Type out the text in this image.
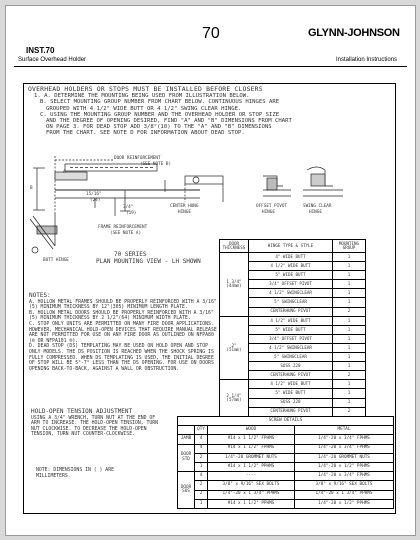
INST.70
Surface Overhead Holder
70	GLYNN-JOHNSON
Installation Instructions
OVERHEAD HOLDERS OR STOPS MUST BE INSTALLED BEFORE CLOSERS

1. A. DETERMINE THE MOUNTING BEING USED FROM ILLUSTRATION BELOW.

B. SELECT MOUNTING GROUP NUMBER FROM CHART BELOW. CONTINUOUS HINGES ARE

GROUPED WITH 4 1/2" WIDE BUTT OR 4 1/2" SWING CLEAR HINGE.

C. USING THE MOUNTING GROUP NUMBER AND THE OVERHEAD HOLDER OR STOP SIZE

AND THE DEGREE OF OPENING DESIRED, FIND "A" AND "B" DIMENSIONS FROM CHART

ON PAGE 3. FOR DEAD STOP ADD 3/8"(10) TO THE "A" AND "B" DIMENSIONS

FROM THE CHART. SEE NOTE D FOR INFORMATION ABOUT DEAD STOP.

DOOR REINFORCEMENT
(SEE NOTE B)
A
B
15/16"
(24)
3/4"
(19)
CENTER HUNG
HINGE
OFFSET PIVOT
HINGE
SWING CLEAR
HINGE
FRAME REINFORCEMENT
(SEE NOTE A)
BUTT HINGE
70 SERIES
PLAN MOUNTING VIEW - LH SHOWN
DOOR THICKNESS	HINGE TYPE & STYLE	MOUNTING GROUP
1 3/4"
(44mm)	4" WIDE BUTT	1
	4 1/2" WIDE BUTT	1
	5" WIDE BUTT	1
	3/4" OFFSET PIVOT	1
	4 1/2" SWINGCLEAR	1
	5" SWINGCLEAR	1
	CENTERHUNG PIVOT	2
2"
(51mm)	4 1/2" WIDE BUTT	1
	5" WIDE BUTT	1
	3/4" OFFSET PIVOT	1
	4 1/2" SWINGCLEAR	1
	5" SWINGCLEAR	1
	SOSS 220	1
	CENTERHUNG PIVOT	2
2 1/4"
(57mm)	4 1/2" WIDE BUTT	1
	5" WIDE BUTT	1
	SOSS 220	1
	CENTERHUNG PIVOT	2
NOTES:

A. HOLLOW METAL FRAMES SHOULD BE PROPERLY REINFORCED WITH A 3/16"(5) MINIMUM THICKNESS BY 12"(305) MINIMUM LENGTH PLATE.

B. HOLLOW METAL DOORS SHOULD BE PROPERLY REINFORCED WITH A 3/16"(5) MINIMUM THICKNESS BY 2 1/2"(64) MINIMUM WIDTH PLATE.

C. STOP ONLY UNITS ARE PERMITTED ON MANY FIRE DOOR APPLICATIONS. HOWEVER, MECHANICAL HOLD-OPEN DEVICES THAT REQUIRE MANUAL RELEASE ARE NOT PERMITTED FOR USE ON ANY FIRE DOOR AS OUTLINED ON NFPA80 (® OR NFPA101 ®).

D. DEAD STOP (DS) TEMPLATING MAY BE USED ON HOLD OPEN AND STOP ONLY MODELS. THE DS POSITION IS REACHED WHEN THE SHOCK SPRING IS FULLY COMPRESSED. WHEN DS TEMPLATING IS USED, THE INITIAL DEGREE OF STOP WILL BE 5°-7° LESS THAN THE DS OPENING. FOR USE ON DOORS OPENING BACK-TO-BACK, AGAINST A WALL OR OBSTRUCTION.

HOLD-OPEN TENSION ADJUSTMENT
USING A 3/4" WRENCH, TURN NUT AT THE END OF ARM TO INCREASE. THE HOLD-OPEN TENSION, TURN NUT CLOCKWISE. TO DECREASE THE HOLD-OPEN TENSION, TURN NUT COUNTER-CLOCKWISE.
NOTE: DIMENSIONS IN ( ) ARE MILLIMETERS.
SCREW DETAILS			
	QTY	WOOD	METAL
JAMB	4	#14 x 1 1/2" FPHMS	1/4"-20 x 3/4" FPHMS
DOOR STD	4	#14 x 1 1/2" FPHMS	1/4"-20 x 3/4" FPHMS
	2	1/4"-20 GROMMET NUTS	1/4"-20 GROMMET NUTS
	1	#14 x 1 1/2" PPHMS	1/4"-20 x 1/2" PPHMS
DOOR SOS	4	----	1/4"-20 x 3/4" FPHMS
	2	3/8" x 9/16" SEX BOLTS	3/8" x 9/16" SEX BOLTS
	2	1/4"-20 x 1 3/4" PPHMS	1/4"-20 x 1 3/4" PPHMS
	1	#14 x 1 1/2" PPHMS	1/4"-20 x 1/2" PPHMS
